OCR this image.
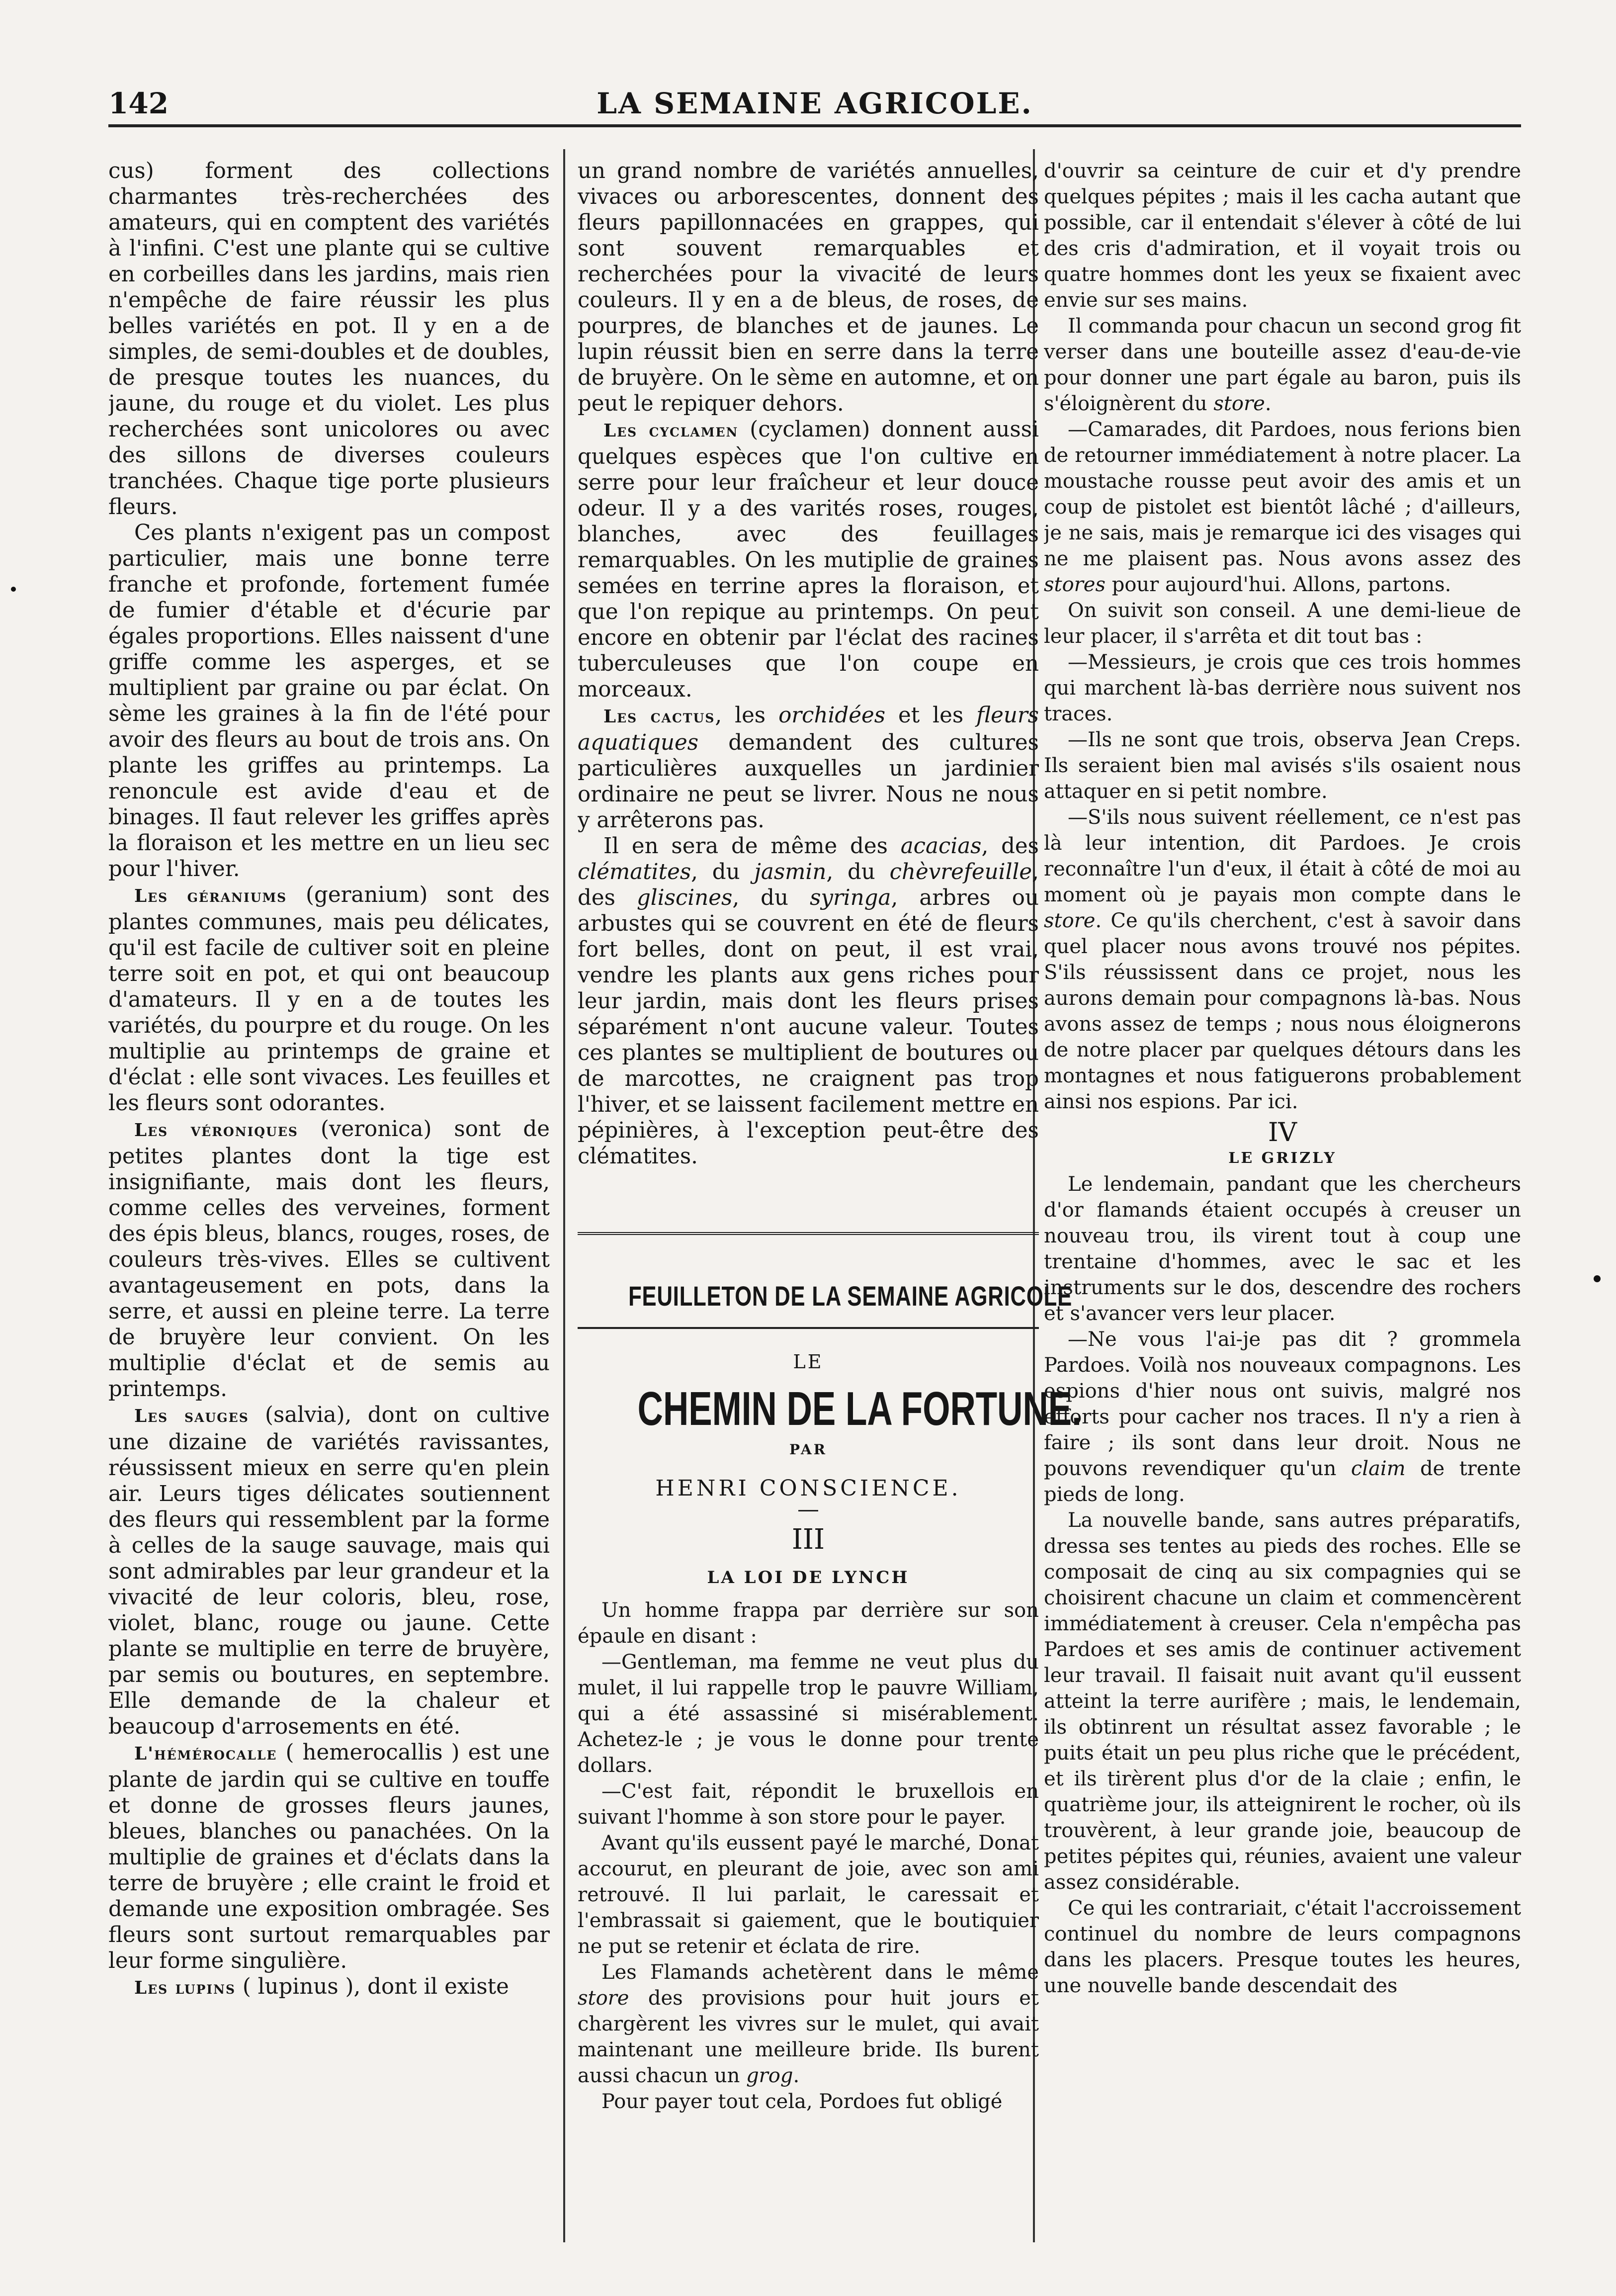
142	LA SEMAINE AGRICOLE.

cus) forment des collections charmantes très-recherchées des amateurs, qui en comptent des variétés à l'infini. C'est une plante qui se cultive en corbeilles dans les jardins, mais rien n'empêche de faire réussir les plus belles variétés en pot. Il y en a de simples, de semi-doubles et de doubles, de presque toutes les nuances, du jaune, du rouge et du violet. Les plus recherchées sont unicolores ou avec des sillons de diverses couleurs tranchées. Chaque tige porte plusieurs fleurs.

Ces plants n'exigent pas un compost particulier, mais une bonne terre franche et profonde, fortement fumée de fumier d'étable et d'écurie par égales proportions. Elles naissent d'une griffe comme les asperges, et se multiplient par graine ou par éclat. On sème les graines à la fin de l'été pour avoir des fleurs au bout de trois ans. On plante les griffes au printemps. La renoncule est avide d'eau et de binages. Il faut relever les griffes après la floraison et les mettre en un lieu sec pour l'hiver.

Les géraniums (geranium) sont des plantes communes, mais peu délicates, qu'il est facile de cultiver soit en pleine terre soit en pot, et qui ont beaucoup d'amateurs. Il y en a de toutes les variétés, du pourpre et du rouge. On les multiplie au printemps de graine et d'éclat : elle sont vivaces. Les feuilles et les fleurs sont odorantes.

Les véroniques (veronica) sont de petites plantes dont la tige est insignifiante, mais dont les fleurs, comme celles des verveines, forment des épis bleus, blancs, rouges, roses, de couleurs très-vives. Elles se cultivent avantageusement en pots, dans la serre, et aussi en pleine terre. La terre de bruyère leur convient. On les multiplie d'éclat et de semis au printemps.

Les sauges (salvia), dont on cultive une dizaine de variétés ravissantes, réussissent mieux en serre qu'en plein air. Leurs tiges délicates soutiennent des fleurs qui ressemblent par la forme à celles de la sauge sauvage, mais qui sont admirables par leur grandeur et la vivacité de leur coloris, bleu, rose, violet, blanc, rouge ou jaune. Cette plante se multiplie en terre de bruyère, par semis ou boutures, en septembre. Elle demande de la chaleur et beaucoup d'arrosements en été.

L'hémérocalle ( hemerocallis ) est une plante de jardin qui se cultive en touffe et donne de grosses fleurs jaunes, bleues, blanches ou panachées. On la multiplie de graines et d'éclats dans la terre de bruyère ; elle craint le froid et demande une exposition ombragée. Ses fleurs sont surtout remarquables par leur forme singulière.

Les lupins ( lupinus ), dont il existe

un grand nombre de variétés annuelles, vivaces ou arborescentes, donnent des fleurs papillonnacées en grappes, qui sont souvent remarquables et recherchées pour la vivacité de leurs couleurs. Il y en a de bleus, de roses, de pourpres, de blanches et de jaunes. Le lupin réussit bien en serre dans la terre de bruyère. On le sème en automne, et on peut le repiquer dehors.

Les cyclamen (cyclamen) donnent aussi quelques espèces que l'on cultive en serre pour leur fraîcheur et leur douce odeur. Il y a des varités roses, rouges, blanches, avec des feuillages remarquables. On les mutiplie de graines semées en terrine apres la floraison, et que l'on repique au printemps. On peut encore en obtenir par l'éclat des racines tuberculeuses que l'on coupe en morceaux.

Les cactus, les orchidées et les fleurs aquatiques demandent des cultures particulières auxquelles un jardinier ordinaire ne peut se livrer. Nous ne nous y arrêterons pas.

Il en sera de même des acacias, des clématites, du jasmin, du chèvrefeuille, des gliscines, du syringa, arbres ou arbustes qui se couvrent en été de fleurs fort belles, dont on peut, il est vrai, vendre les plants aux gens riches pour leur jardin, mais dont les fleurs prises séparément n'ont aucune valeur. Toutes ces plantes se multiplient de boutures ou de marcottes, ne craignent pas trop l'hiver, et se laissent facilement mettre en pépinières, à l'exception peut-être des clématites.

FEUILLETON DE LA SEMAINE AGRICOLE
LE
CHEMIN DE LA FORTUNE.
PAR
HENRI CONSCIENCE.
III
LA LOI DE LYNCH

Un homme frappa par derrière sur son épaule en disant :

—Gentleman, ma femme ne veut plus du mulet, il lui rappelle trop le pauvre William, qui a été assassiné si misérablement. Achetez-le ; je vous le donne pour trente dollars.

—C'est fait, répondit le bruxellois en suivant l'homme à son store pour le payer.

Avant qu'ils eussent payé le marché, Donat accourut, en pleurant de joie, avec son ami retrouvé. Il lui parlait, le caressait et l'embrassait si gaiement, que le boutiquier ne put se retenir et éclata de rire.

Les Flamands achetèrent dans le même store des provisions pour huit jours et chargèrent les vivres sur le mulet, qui avait maintenant une meilleure bride. Ils burent aussi chacun un grog.

Pour payer tout cela, Pordoes fut obligé

d'ouvrir sa ceinture de cuir et d'y prendre quelques pépites ; mais il les cacha autant que possible, car il entendait s'élever à côté de lui des cris d'admiration, et il voyait trois ou quatre hommes dont les yeux se fixaient avec envie sur ses mains.

Il commanda pour chacun un second grog fit verser dans une bouteille assez d'eau-de-vie pour donner une part égale au baron, puis ils s'éloignèrent du store.

—Camarades, dit Pardoes, nous ferions bien de retourner immédiatement à notre placer. La moustache rousse peut avoir des amis et un coup de pistolet est bientôt lâché ; d'ailleurs, je ne sais, mais je remarque ici des visages qui ne me plaisent pas. Nous avons assez des stores pour aujourd'hui. Allons, partons.

On suivit son conseil. A une demi-lieue de leur placer, il s'arrêta et dit tout bas :

—Messieurs, je crois que ces trois hommes qui marchent là-bas derrière nous suivent nos traces.

—Ils ne sont que trois, observa Jean Creps. Ils seraient bien mal avisés s'ils osaient nous attaquer en si petit nombre.

—S'ils nous suivent réellement, ce n'est pas là leur intention, dit Pardoes. Je crois reconnaître l'un d'eux, il était à côté de moi au moment où je payais mon compte dans le store. Ce qu'ils cherchent, c'est à savoir dans quel placer nous avons trouvé nos pépites. S'ils réussissent dans ce projet, nous les aurons demain pour compagnons là-bas. Nous avons assez de temps ; nous nous éloignerons de notre placer par quelques détours dans les montagnes et nous fatiguerons probablement ainsi nos espions. Par ici.

IV

LE GRIZLY

Le lendemain, pandant que les chercheurs d'or flamands étaient occupés à creuser un nouveau trou, ils virent tout à coup une trentaine d'hommes, avec le sac et les instruments sur le dos, descendre des rochers et s'avancer vers leur placer.

—Ne vous l'ai-je pas dit ? grommela Pardoes. Voilà nos nouveaux compagnons. Les espions d'hier nous ont suivis, malgré nos efforts pour cacher nos traces. Il n'y a rien à faire ; ils sont dans leur droit. Nous ne pouvons revendiquer qu'un claim de trente pieds de long.

La nouvelle bande, sans autres préparatifs, dressa ses tentes au pieds des roches. Elle se composait de cinq au six compagnies qui se choisirent chacune un claim et commencèrent immédiatement à creuser. Cela n'empêcha pas Pardoes et ses amis de continuer activement leur travail. Il faisait nuit avant qu'il eussent atteint la terre aurifère ; mais, le lendemain, ils obtinrent un résultat assez favorable ; le puits était un peu plus riche que le précédent, et ils tirèrent plus d'or de la claie ; enfin, le quatrième jour, ils atteignirent le rocher, où ils trouvèrent, à leur grande joie, beaucoup de petites pépites qui, réunies, avaient une valeur assez considérable.

Ce qui les contrariait, c'était l'accroissement continuel du nombre de leurs compagnons dans les placers. Presque toutes les heures, une nouvelle bande descendait des
